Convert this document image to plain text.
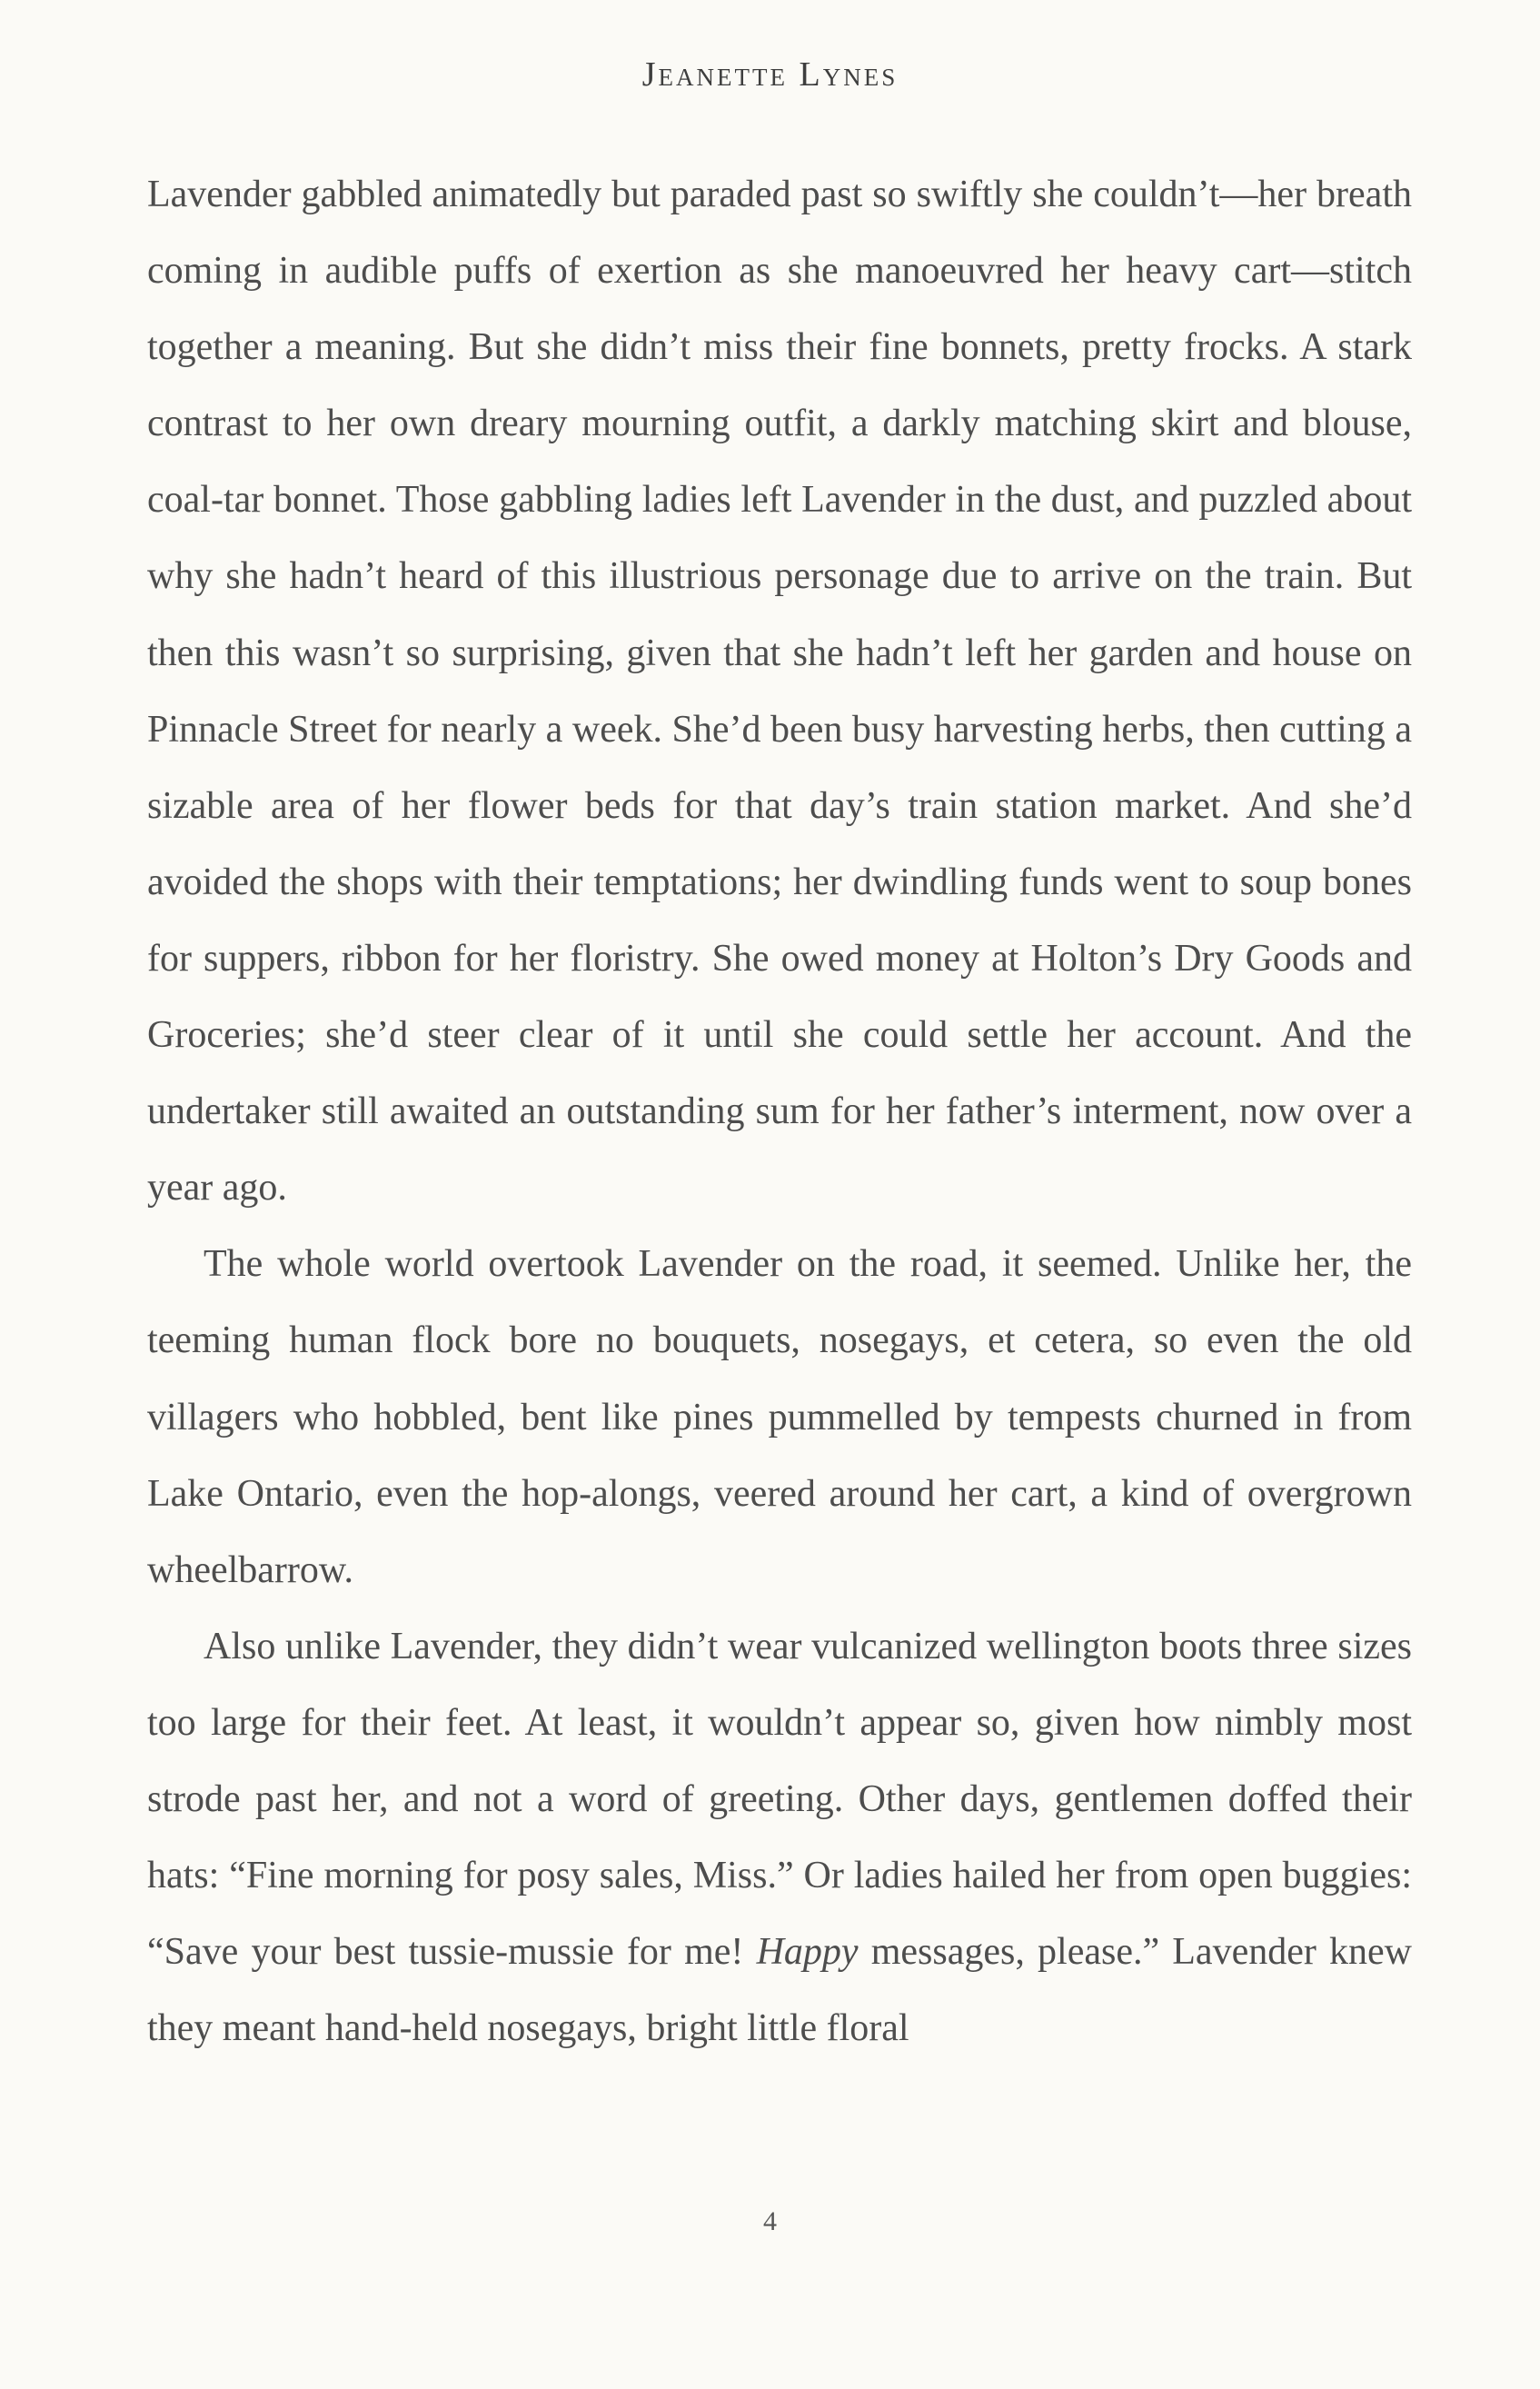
Jeanette Lynes

Lavender gabbled animatedly but paraded past so swiftly she couldn’t—her breath coming in audible puffs of exertion as she manoeuvred her heavy cart—stitch together a meaning. But she didn’t miss their fine bonnets, pretty frocks. A stark contrast to her own dreary mourning outfit, a darkly matching skirt and blouse, coal-tar bonnet. Those gabbling ladies left Lavender in the dust, and puzzled about why she hadn’t heard of this illustrious personage due to arrive on the train. But then this wasn’t so surprising, given that she hadn’t left her garden and house on Pinnacle Street for nearly a week. She’d been busy harvesting herbs, then cutting a sizable area of her flower beds for that day’s train station market. And she’d avoided the shops with their temptations; her dwindling funds went to soup bones for suppers, ribbon for her floristry. She owed money at Holton’s Dry Goods and Groceries; she’d steer clear of it until she could settle her account. And the undertaker still awaited an outstanding sum for her father’s interment, now over a year ago.

The whole world overtook Lavender on the road, it seemed. Unlike her, the teeming human flock bore no bouquets, nosegays, et cetera, so even the old villagers who hobbled, bent like pines pummelled by tempests churned in from Lake Ontario, even the hop-alongs, veered around her cart, a kind of overgrown wheelbarrow.

Also unlike Lavender, they didn’t wear vulcanized wellington boots three sizes too large for their feet. At least, it wouldn’t appear so, given how nimbly most strode past her, and not a word of greeting. Other days, gentlemen doffed their hats: “Fine morning for posy sales, Miss.” Or ladies hailed her from open buggies: “Save your best tussie-mussie for me! Happy messages, please.” Lavender knew they meant hand-held nosegays, bright little floral

4
